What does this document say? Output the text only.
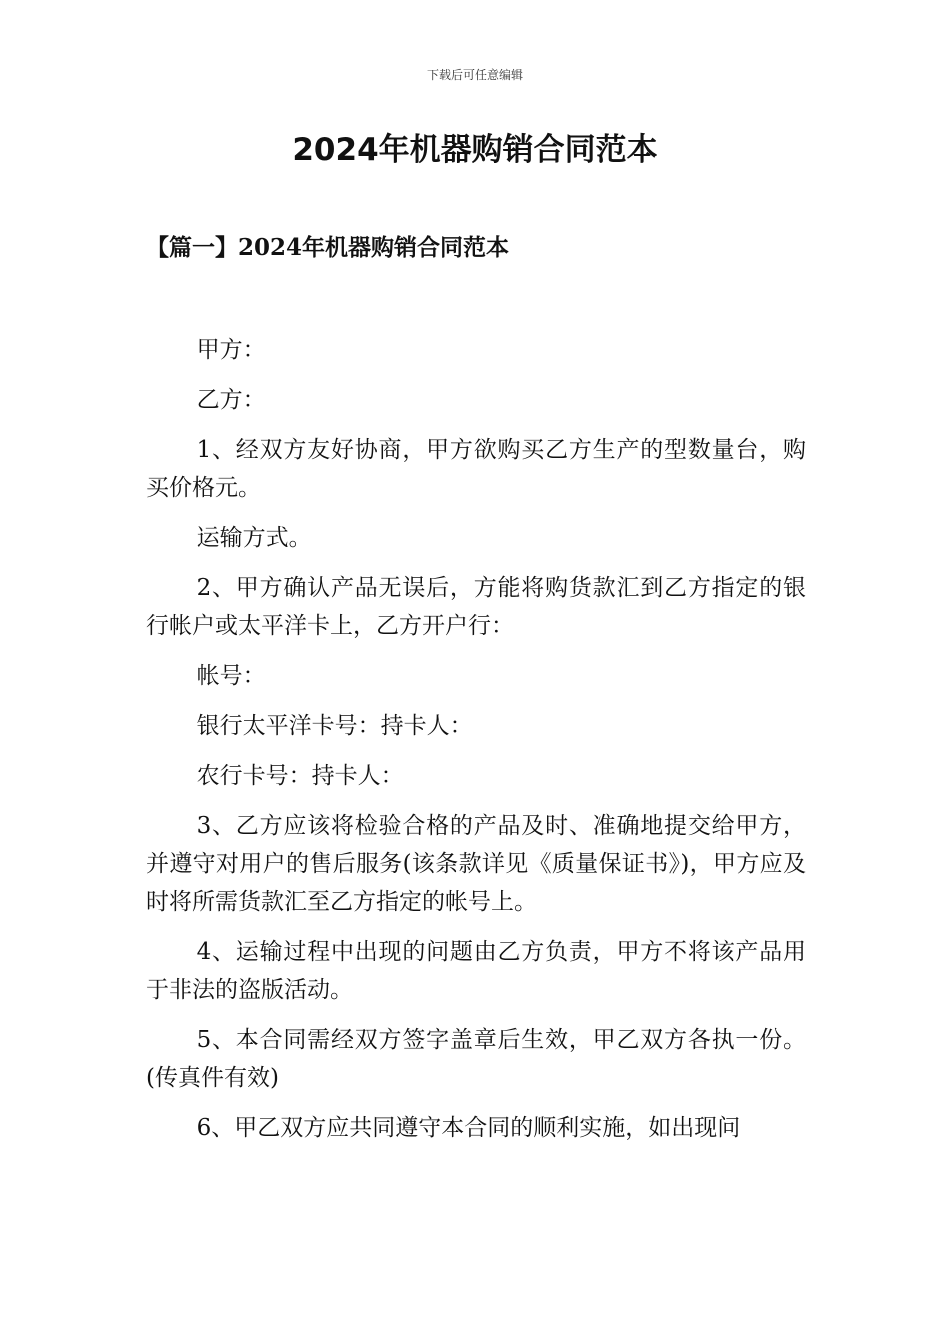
下载后可任意编辑
2024年机器购销合同范本
【篇一】2024年机器购销合同范本

甲方：

乙方：

1、经双方友好协商，甲方欲购买乙方生产的型数量台，购买价格元。

运输方式。

2、甲方确认产品无误后，方能将购货款汇到乙方指定的银行帐户或太平洋卡上，乙方开户行：

帐号：

银行太平洋卡号：持卡人：

农行卡号：持卡人：

3、乙方应该将检验合格的产品及时、准确地提交给甲方，并遵守对用户的售后服务(该条款详见《质量保证书》)，甲方应及时将所需货款汇至乙方指定的帐号上。

4、运输过程中出现的问题由乙方负责，甲方不将该产品用于非法的盗版活动。

5、本合同需经双方签字盖章后生效，甲乙双方各执一份。(传真件有效)

6、甲乙双方应共同遵守本合同的顺利实施，如出现问
